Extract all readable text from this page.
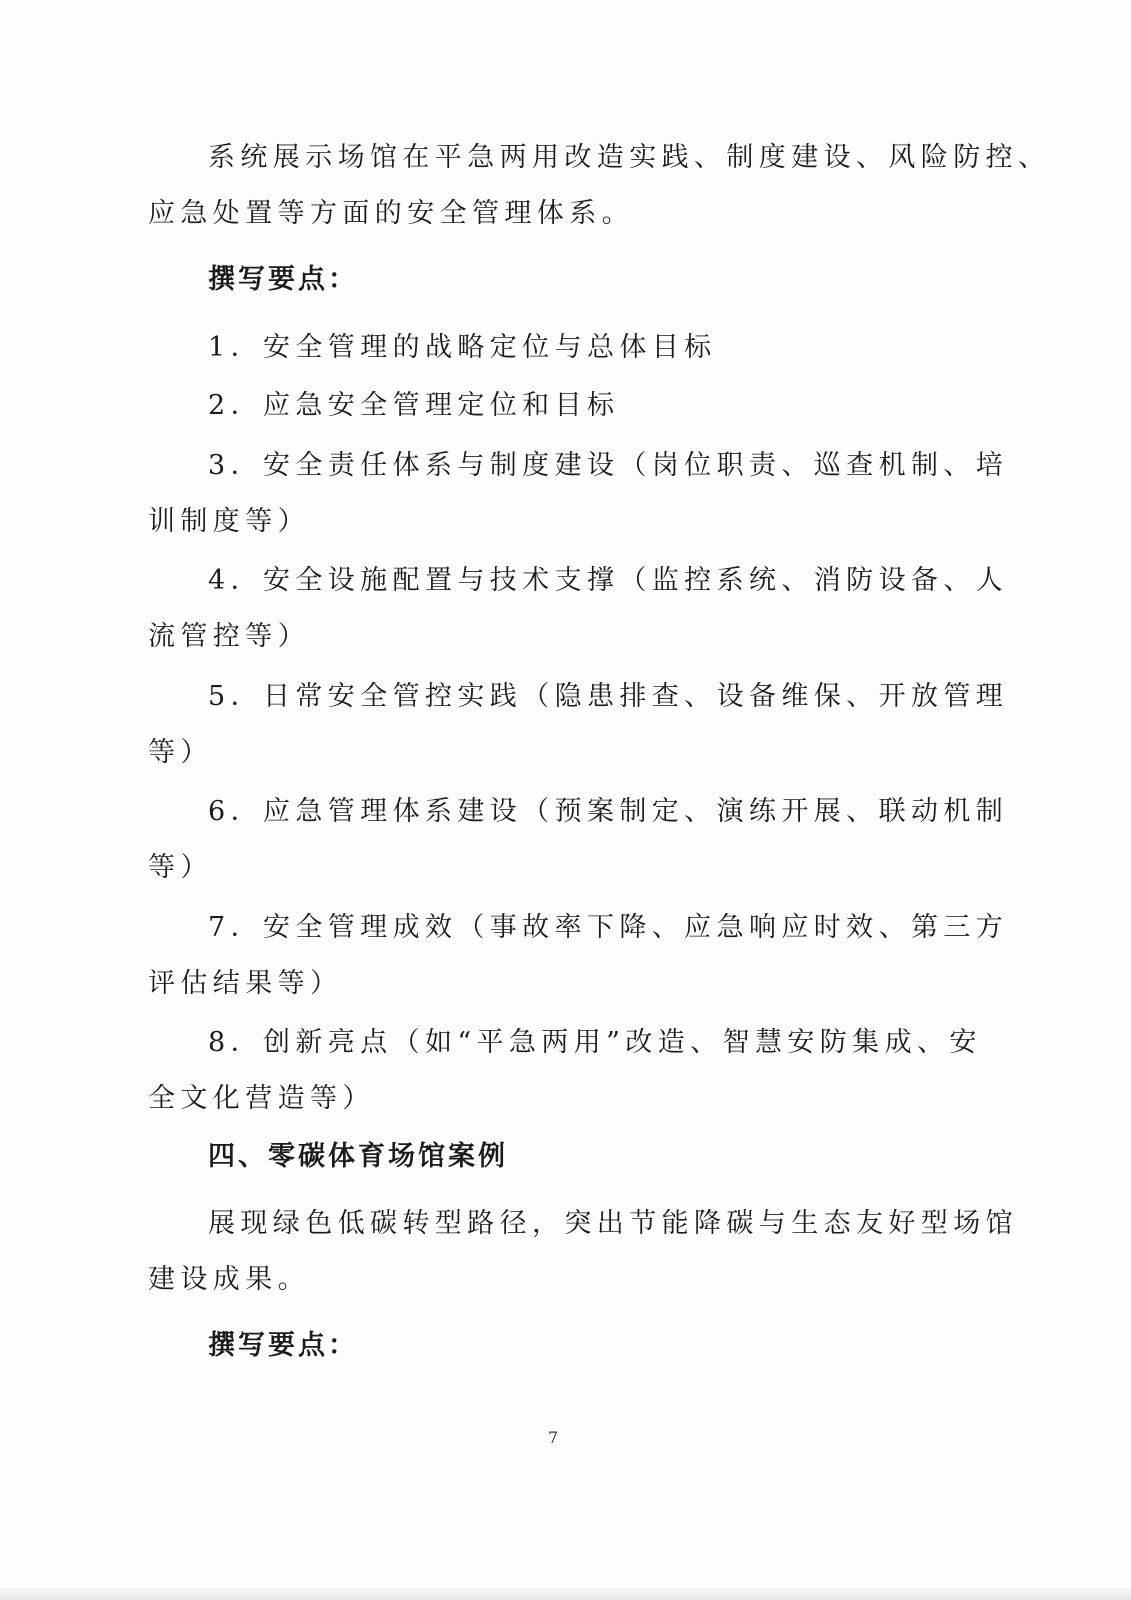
系统展示场馆在平急两用改造实践、制度建设、风险防控、

应急处置等方面的安全管理体系。

撰写要点：

1．安全管理的战略定位与总体目标

2．应急安全管理定位和目标

3．安全责任体系与制度建设（岗位职责、巡查机制、培

训制度等）

4．安全设施配置与技术支撑（监控系统、消防设备、人

流管控等）

5．日常安全管控实践（隐患排查、设备维保、开放管理

等）

6．应急管理体系建设（预案制定、演练开展、联动机制

等）

7．安全管理成效（事故率下降、应急响应时效、第三方

评估结果等）

8．创新亮点（如“平急两用”改造、智慧安防集成、安

全文化营造等）

四、零碳体育场馆案例

展现绿色低碳转型路径，突出节能降碳与生态友好型场馆

建设成果。

撰写要点：

7
